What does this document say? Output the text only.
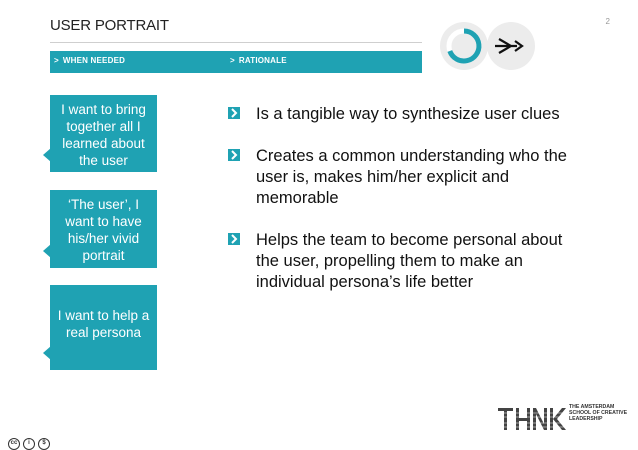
USER PORTRAIT	2
> WHEN NEEDED	> RATIONALE
I want to bring together all I learned about the user
‘The user’, I want to have his/her vivid portrait
I want to help a real persona
Is a tangible way to synthesize user clues
Creates a common understanding who the user is, makes him/her explicit and memorable
Helps the team to become personal about the user, propelling them to make an individual persona’s life better
THE AMSTERDAM SCHOOL OF CREATIVE LEADERSHIP
cc i $
